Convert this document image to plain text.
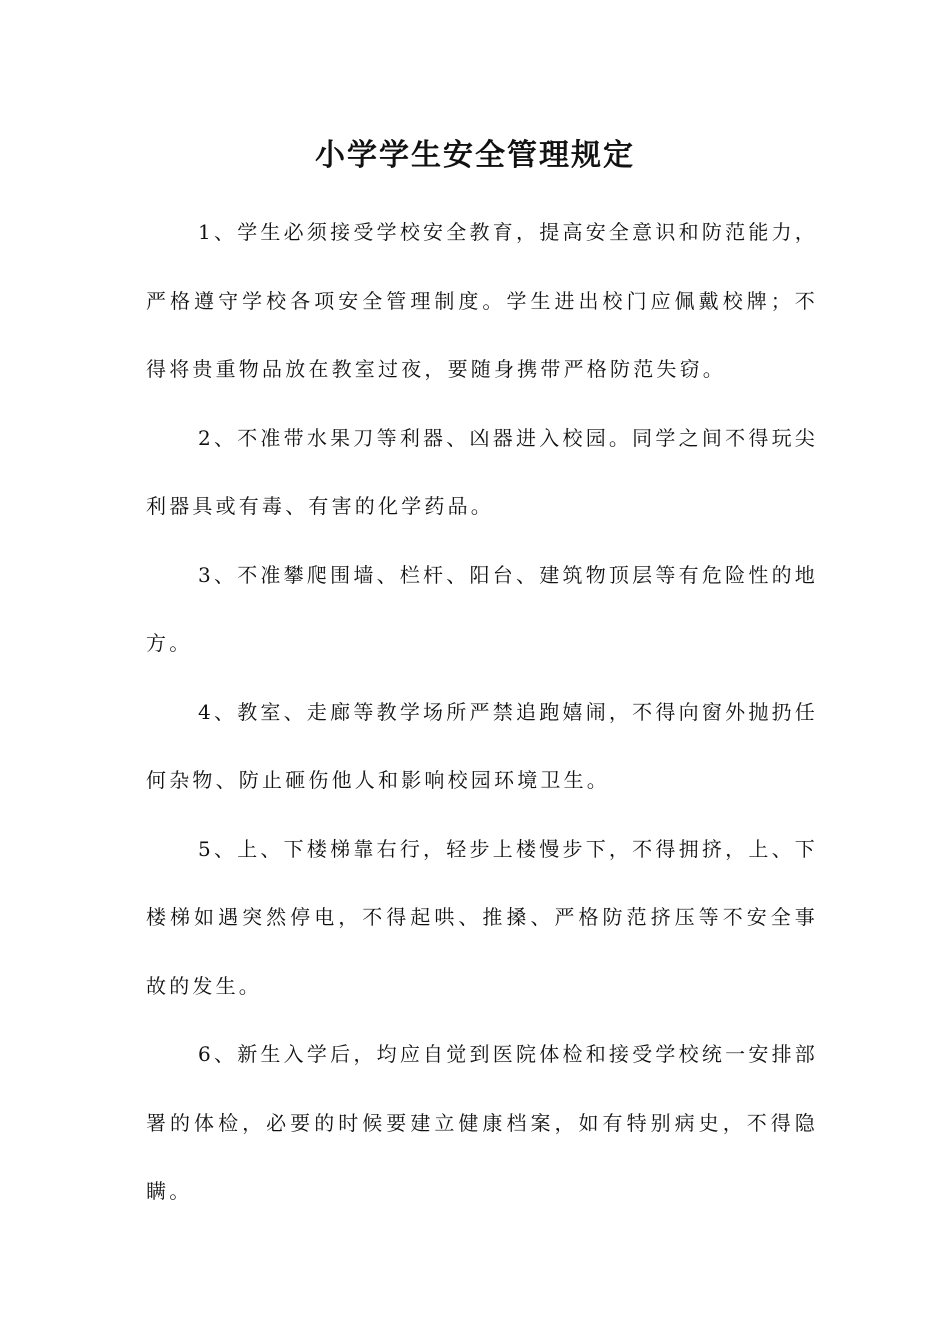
小学学生安全管理规定

1、学生必须接受学校安全教育，提高安全意识和防范能力，严格遵守学校各项安全管理制度。学生进出校门应佩戴校牌；不得将贵重物品放在教室过夜，要随身携带严格防范失窃。

2、不准带水果刀等利器、凶器进入校园。同学之间不得玩尖利器具或有毒、有害的化学药品。

3、不准攀爬围墙、栏杆、阳台、建筑物顶层等有危险性的地方。

4、教室、走廊等教学场所严禁追跑嬉闹，不得向窗外抛扔任何杂物、防止砸伤他人和影响校园环境卫生。

5、上、下楼梯靠右行，轻步上楼慢步下，不得拥挤，上、下楼梯如遇突然停电，不得起哄、推搡、严格防范挤压等不安全事故的发生。

6、新生入学后，均应自觉到医院体检和接受学校统一安排部署的体检，必要的时候要建立健康档案，如有特别病史，不得隐瞒。
